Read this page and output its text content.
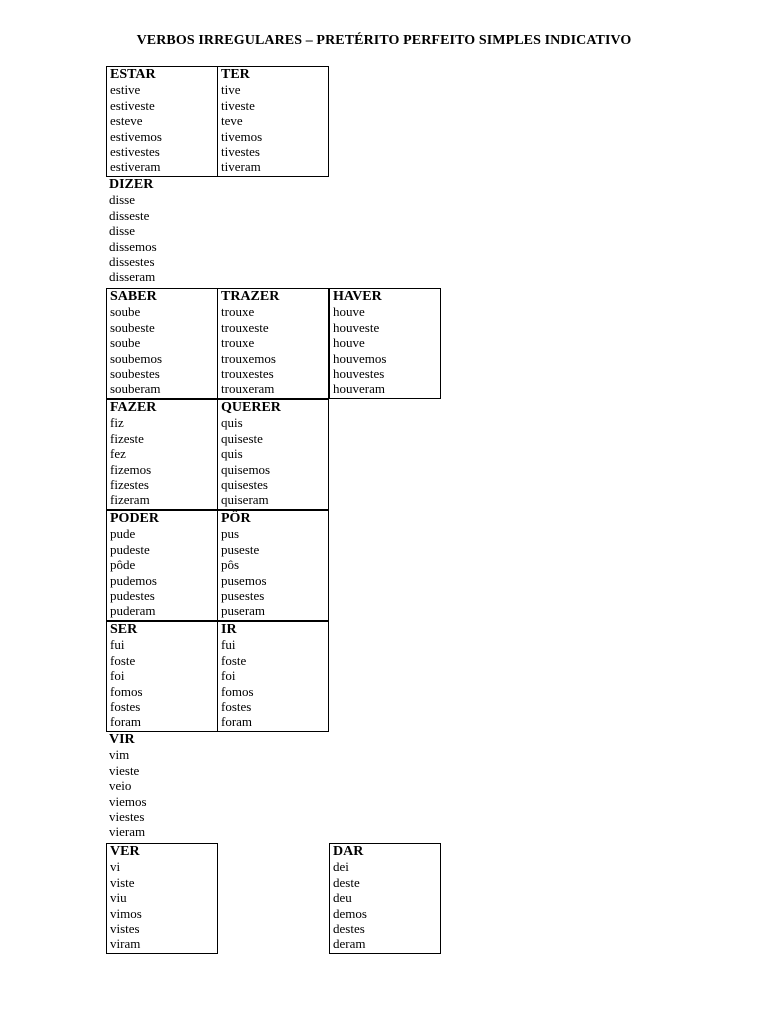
VERBOS IRREGULARES – PRETÉRITO PERFEITO SIMPLES INDICATIVO
ESTAR
estive
estiveste
esteve
estivemos
estivestes
estiveram
TER
tive
tiveste
teve
tivemos
tivestes
tiveram
DIZER
disse
disseste
disse
dissemos
dissestes
disseram
SABER
soube
soubeste
soube
soubemos
soubestes
souberam
TRAZER
trouxe
trouxeste
trouxe
trouxemos
trouxestes
trouxeram
HAVER
houve
houveste
houve
houvemos
houvestes
houveram
FAZER
fiz
fizeste
fez
fizemos
fizestes
fizeram
QUERER
quis
quiseste
quis
quisemos
quisestes
quiseram
PODER
pude
pudeste
pôde
pudemos
pudestes
puderam
PÔR
pus
puseste
pôs
pusemos
pusestes
puseram
SER
fui
foste
foi
fomos
fostes
foram
IR
fui
foste
foi
fomos
fostes
foram
VIR
vim
vieste
veio
viemos
viestes
vieram
VER
vi
viste
viu
vimos
vistes
viram
DAR
dei
deste
deu
demos
destes
deram
